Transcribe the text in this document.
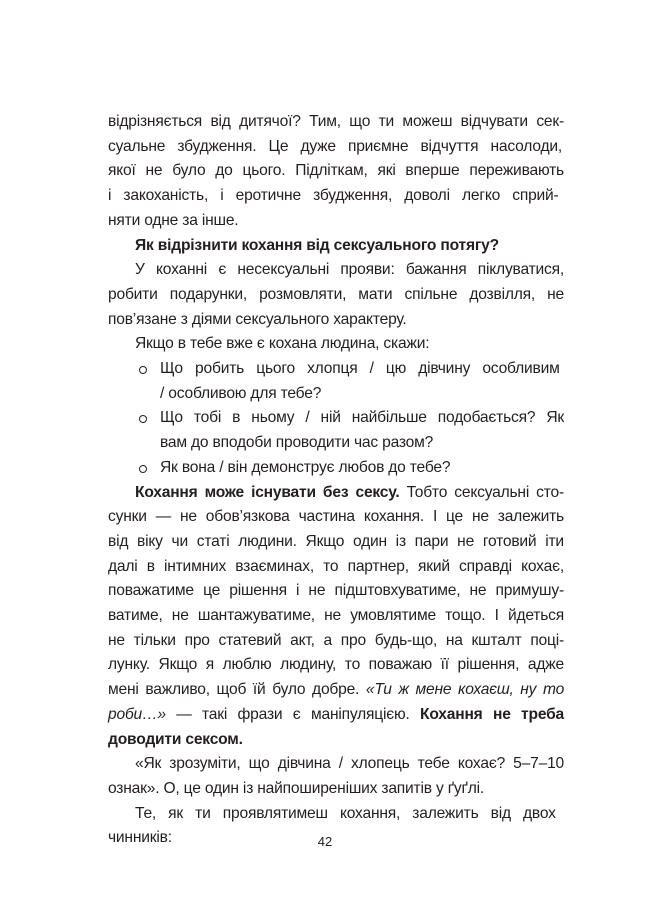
відрізняється від дитячої? Тим, що ти можеш відчувати сек-
суальне збудження. Це дуже приємне відчуття насолоди,
якої не було до цього. Підліткам, які вперше переживають
і закоханість, і еротичне збудження, доволі легко сприй-
няти одне за інше.
Як відрізнити кохання від сексуального потягу?
У коханні є несексуальні прояви: бажання піклуватися,
робити подарунки, розмовляти, мати спільне дозвілля, не
пов’язане з діями сексуального характеру.
Якщо в тебе вже є кохана людина, скажи:
Що робить цього хлопця / цю дівчину особливим
/ особливою для тебе?
Що тобі в ньому / ній найбільше подобається? Як
вам до вподоби проводити час разом?
Як вона / він демонструє любов до тебе?
Кохання може існувати без сексу. Тобто сексуальні сто-
сунки — не обов’язкова частина кохання. І це не залежить
від віку чи статі людини. Якщо один із пари не готовий іти
далі в інтимних взаєминах, то партнер, який справді кохає,
поважатиме це рішення і не підштовхуватиме, не примушу-
ватиме, не шантажуватиме, не умовлятиме тощо. І йдеться
не тільки про статевий акт, а про будь-що, на кшталт поці-
лунку. Якщо я люблю людину, то поважаю її рішення, адже
мені важливо, щоб їй було добре. «Ти ж мене кохаєш, ну то
роби…» — такі фрази є маніпуляцією. Кохання не треба
доводити сексом.
«Як зрозуміти, що дівчина / хлопець тебе кохає? 5–7–10
ознак». О, це один із найпоширеніших запитів у ґуґлі.
Те, як ти проявлятимеш кохання, залежить від двох
чинників:	42
